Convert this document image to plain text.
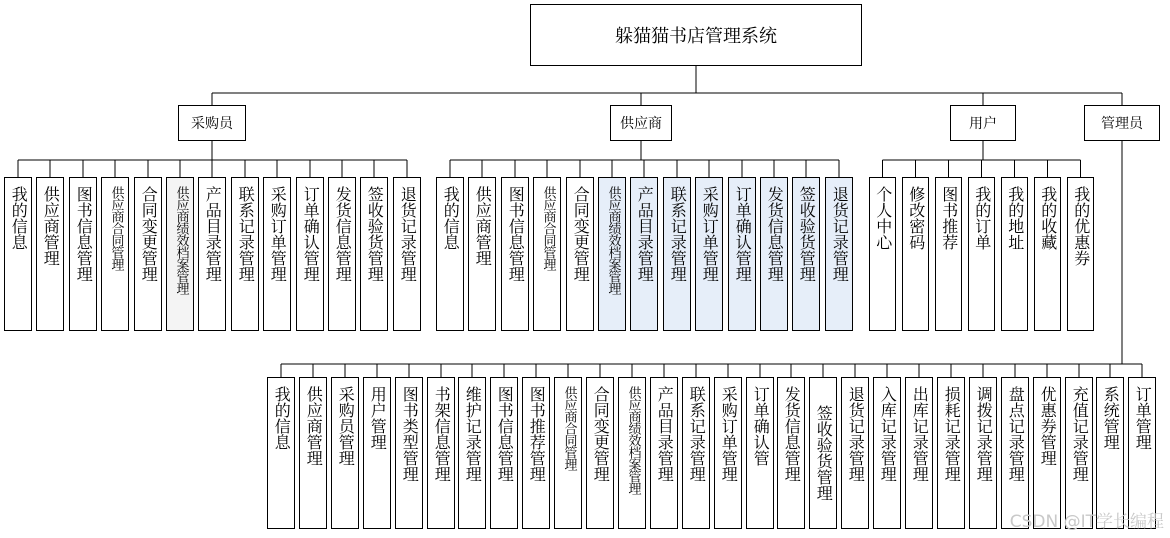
躲猫猫书店管理系统
采购员	供应商	用户	管理员
我的信息 供应商管理 图书信息管理 供应商合同管理 合同变更管理 供应商绩效档案管理 产品目录管理 联系记录管理 采购订单管理 订单确认管理 发货信息管理 签收验货管理 退货记录管理 我的信息 供应商管理 图书信息管理 供应商合同管理 合同变更管理 供应商绩效档案管理 产品目录管理 联系记录管理 采购订单管理 订单确认管理 发货信息管理 签收验货管理 退货记录管理 个人中心 修改密码 图书推荐 我的订单 我的地址 我的收藏 我的优惠券
我的信息 供应商管理 采购员管理 用户管理 图书类型管理 书架信息管理 维护记录管理 图书信息管理 图书推荐管理 供应商合同管理 合同变更管理 供应商绩效档案管理 产品目录管理 联系记录管理 采购订单管理 订单确认管 发货信息管理 签收验货管理 退货记录管理 入库记录管理 出库记录管理 损耗记录管理 调拨记录管理 盘点记录管理 优惠券管理 充值记录管理 系统管理 订单管理
CSDN @IT学长编程
